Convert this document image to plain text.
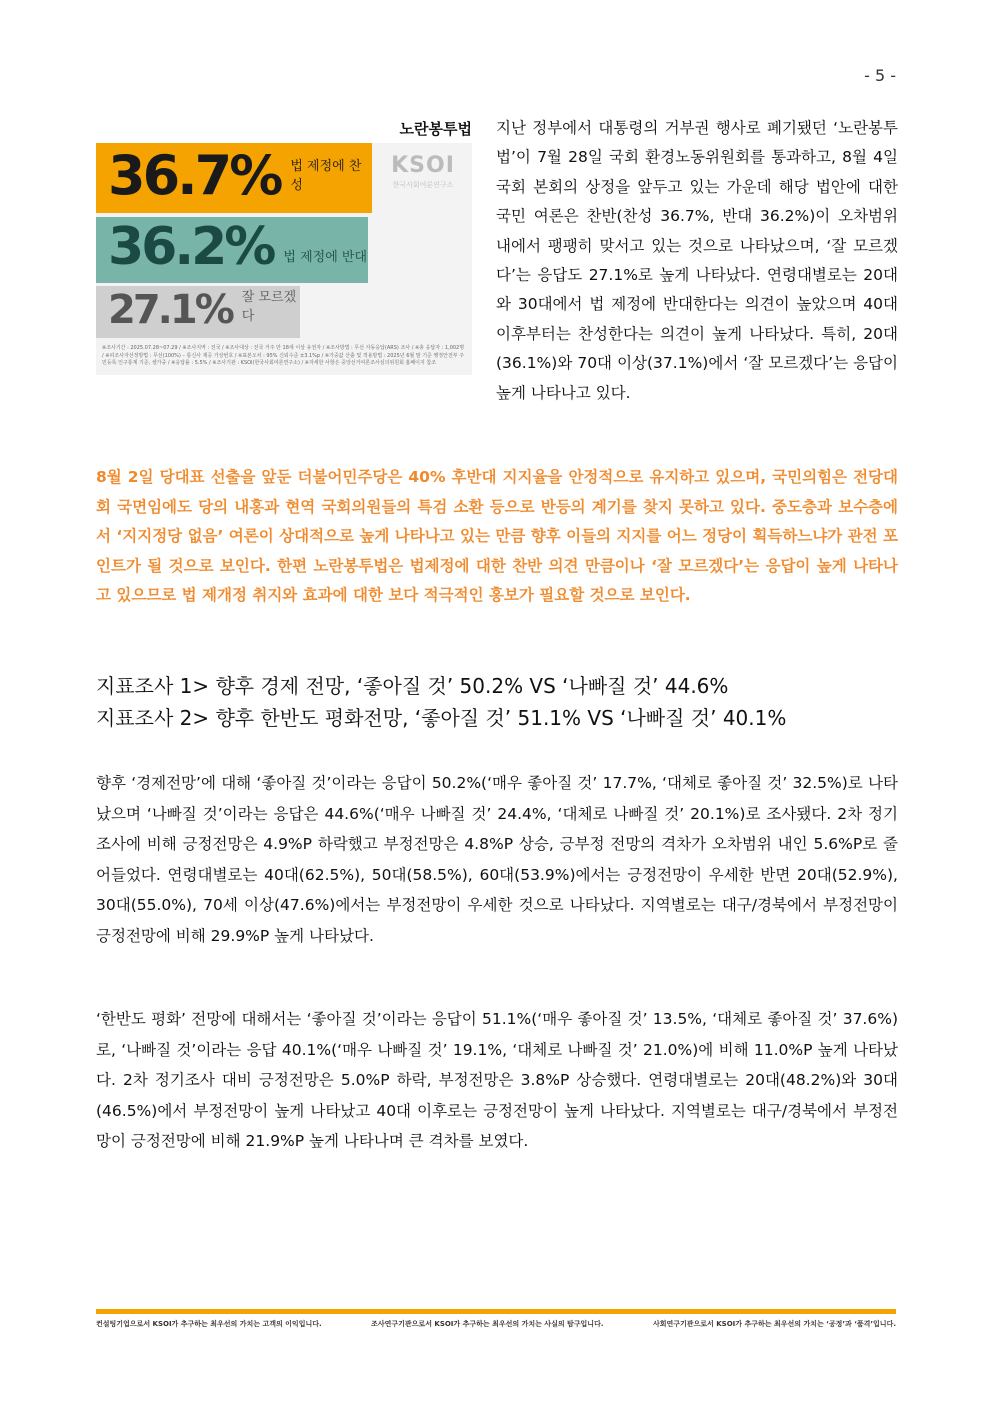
- 5 -
노란봉투법
36.7% 법 제정에 찬성
36.2% 법 제정에 반대
27.1% 잘 모르겠다
KSOI
한국사회여론연구소
※조사기간 : 2025.07.28~07.29 / ※조사지역 : 전국 / ※조사대상 : 전국 거주 만 18세 이상 유권자 / ※조사방법 : 무선 자동응답(ARS) 조사 / ※총 응답자 : 1,002명 / ※피조사자선정방법 : 무선(100%) – 통신사 제공 가상번호 / ※표본오차 : 95% 신뢰수준 ±3.1%p / ※가중값 산출 및 적용방법 : 2025년 6월 말 기준 행정안전부 주민등록 인구통계 기준, 셀가중 / ※응답률 : 5.5% / ※조사기관 : KSOI(한국사회여론연구소) / ※자세한 사항은 중앙선거여론조사심의위원회 홈페이지 참조

지난 정부에서 대통령의 거부권 행사로 폐기됐던 ‘노란봉투법’이 7월 28일 국회 환경노동위원회를 통과하고, 8월 4일 국회 본회의 상정을 앞두고 있는 가운데 해당 법안에 대한 국민 여론은 찬반(찬성 36.7%, 반대 36.2%)이 오차범위 내에서 팽팽히 맞서고 있는 것으로 나타났으며, ‘잘 모르겠다’는 응답도 27.1%로 높게 나타났다. 연령대별로는 20대와 30대에서 법 제정에 반대한다는 의견이 높았으며 40대 이후부터는 찬성한다는 의견이 높게 나타났다. 특히, 20대(36.1%)와 70대 이상(37.1%)에서 ‘잘 모르겠다’는 응답이 높게 나타나고 있다.

8월 2일 당대표 선출을 앞둔 더불어민주당은 40% 후반대 지지율을 안정적으로 유지하고 있으며, 국민의힘은 전당대회 국면임에도 당의 내홍과 현역 국회의원들의 특검 소환 등으로 반등의 계기를 찾지 못하고 있다. 중도층과 보수층에서 ‘지지정당 없음’ 여론이 상대적으로 높게 나타나고 있는 만큼 향후 이들의 지지를 어느 정당이 획득하느냐가 관전 포인트가 될 것으로 보인다. 한편 노란봉투법은 법제정에 대한 찬반 의견 만큼이나 ‘잘 모르겠다’는 응답이 높게 나타나고 있으므로 법 제개정 취지와 효과에 대한 보다 적극적인 홍보가 필요할 것으로 보인다.

지표조사 1> 향후 경제 전망, ‘좋아질 것’ 50.2% VS ‘나빠질 것’ 44.6%

지표조사 2> 향후 한반도 평화전망, ‘좋아질 것’ 51.1% VS ‘나빠질 것’ 40.1%

향후 ‘경제전망’에 대해 ‘좋아질 것’이라는 응답이 50.2%(‘매우 좋아질 것’ 17.7%, ‘대체로 좋아질 것’ 32.5%)로 나타났으며 ‘나빠질 것’이라는 응답은 44.6%(‘매우 나빠질 것’ 24.4%, ‘대체로 나빠질 것’ 20.1%)로 조사됐다. 2차 정기조사에 비해 긍정전망은 4.9%P 하락했고 부정전망은 4.8%P 상승, 긍부정 전망의 격차가 오차범위 내인 5.6%P로 줄어들었다. 연령대별로는 40대(62.5%), 50대(58.5%), 60대(53.9%)에서는 긍정전망이 우세한 반면 20대(52.9%), 30대(55.0%), 70세 이상(47.6%)에서는 부정전망이 우세한 것으로 나타났다. 지역별로는 대구/경북에서 부정전망이 긍정전망에 비해 29.9%P 높게 나타났다.

‘한반도 평화’ 전망에 대해서는 ‘좋아질 것’이라는 응답이 51.1%(‘매우 좋아질 것’ 13.5%, ‘대체로 좋아질 것’ 37.6%)로, ‘나빠질 것’이라는 응답 40.1%(‘매우 나빠질 것’ 19.1%, ‘대체로 나빠질 것’ 21.0%)에 비해 11.0%P 높게 나타났다. 2차 정기조사 대비 긍정전망은 5.0%P 하락, 부정전망은 3.8%P 상승했다. 연령대별로는 20대(48.2%)와 30대(46.5%)에서 부정전망이 높게 나타났고 40대 이후로는 긍정전망이 높게 나타났다. 지역별로는 대구/경북에서 부정전망이 긍정전망에 비해 21.9%P 높게 나타나며 큰 격차를 보였다.

컨설팅기업으로서 KSOI가 추구하는 최우선의 가치는 고객의 이익입니다.	조사연구기관으로서 KSOI가 추구하는 최우선의 가치는 사실의 탐구입니다.	사회연구기관으로서 KSOI가 추구하는 최우선의 가치는 ‘공정’과 ‘품격’입니다.
